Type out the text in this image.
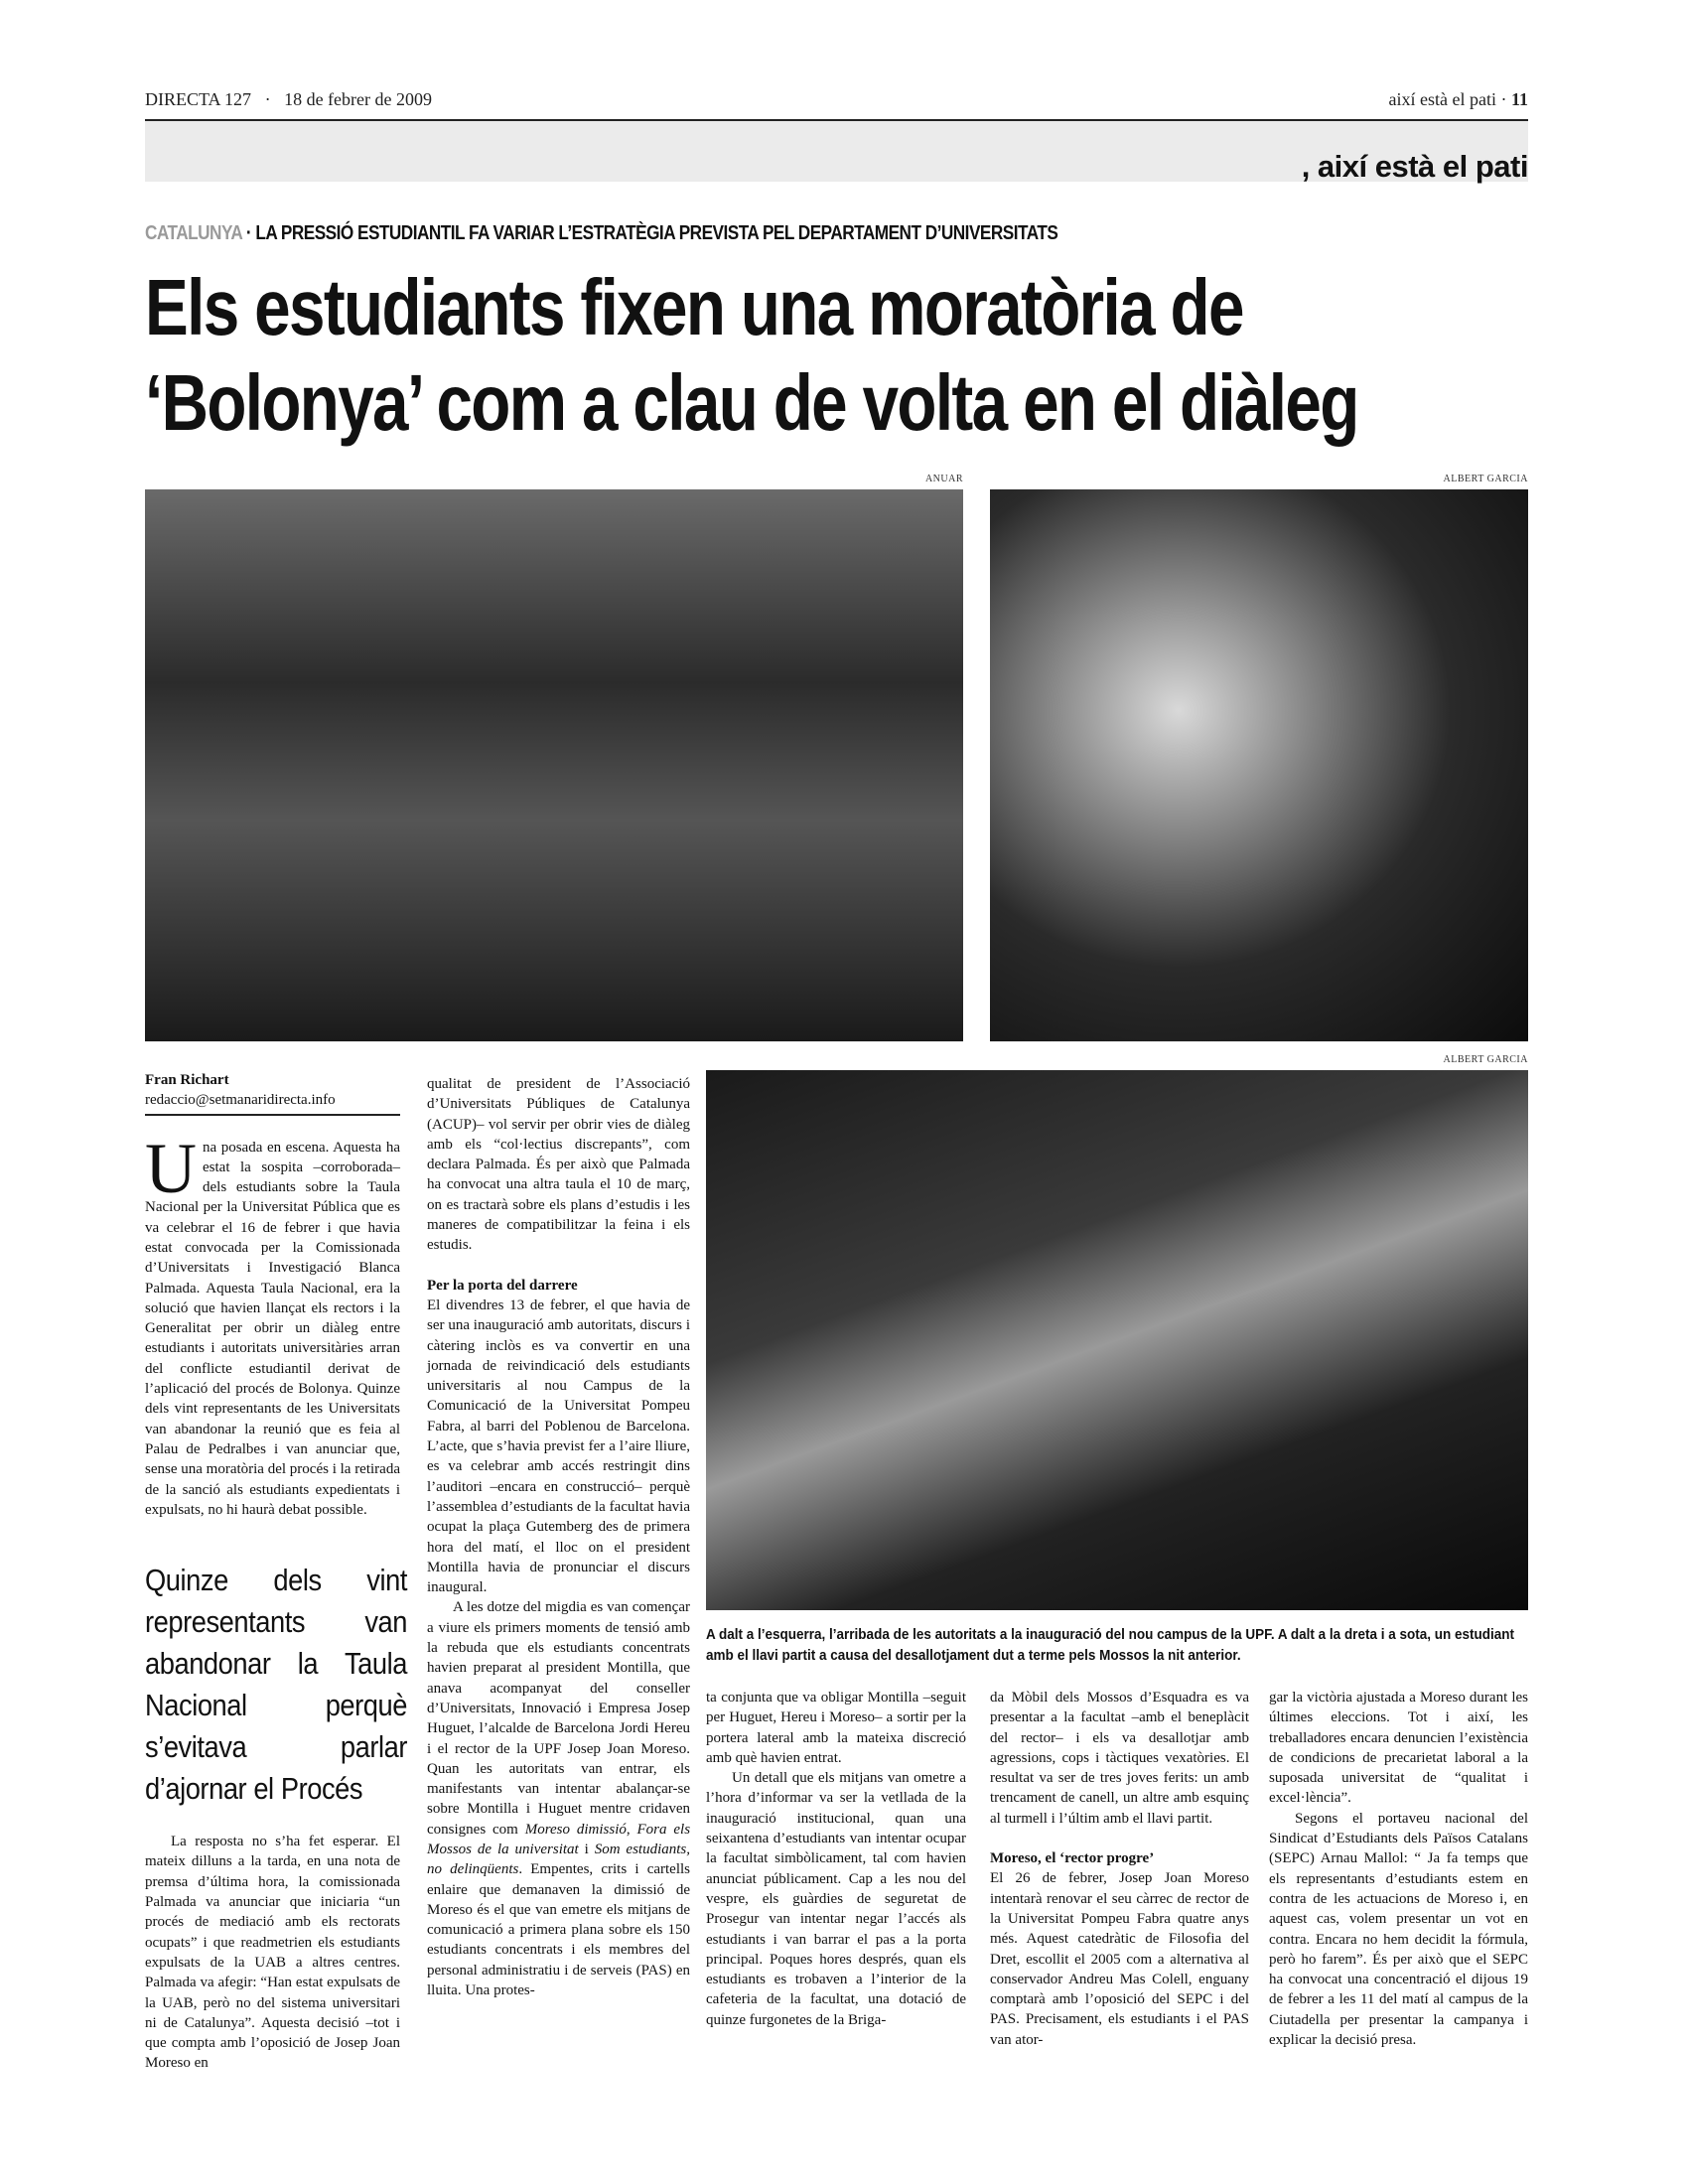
DIRECTA 127 · 18 de febrer de 2009	així està el pati · 11
, així està el pati
CATALUNYA · LA PRESSIÓ ESTUDIANTIL FA VARIAR L’ESTRATÈGIA PREVISTA PEL DEPARTAMENT D’UNIVERSITATS
Els estudiants fixen una moratòria de
‘Bolonya’ com a clau de volta en el diàleg
ANUAR	ALBERT GARCIA
ALBERT GARCIA
A dalt a l’esquerra, l’arribada de les autoritats a la inauguració del nou campus de la UPF. A dalt a la dreta i a sota, un estudiant amb el llavi partit a causa del desallotjament dut a terme pels Mossos la nit anterior.
Fran Richart
redaccio@setmanaridirecta.info

Una posada en escena. Aquesta ha estat la sospita –corroborada– dels estudiants sobre la Taula Nacional per la Universitat Pública que es va celebrar el 16 de febrer i que havia estat convocada per la Comissionada d’Universitats i Investigació Blanca Palmada. Aquesta Taula Nacional, era la solució que havien llançat els rectors i la Generalitat per obrir un diàleg entre estudiants i autoritats universitàries arran del conflicte estudiantil derivat de l’aplicació del procés de Bolonya. Quinze dels vint representants de les Universitats van abandonar la reunió que es feia al Palau de Pedralbes i van anunciar que, sense una moratòria del procés i la retirada de la sanció als estudiants expedientats i expulsats, no hi haurà debat possible.

Quinze dels vint representants van abandonar la Taula Nacional perquè s’evitava parlar d’ajornar el Procés

La resposta no s’ha fet esperar. El mateix dilluns a la tarda, en una nota de premsa d’última hora, la comissionada Palmada va anunciar que iniciaria “un procés de mediació amb els rectorats ocupats” i que readmetrien els estudiants expulsats de la UAB a altres centres. Palmada va afegir: “Han estat expulsats de la UAB, però no del sistema universitari ni de Catalunya”. Aquesta decisió –tot i que compta amb l’oposició de Josep Joan Moreso en

qualitat de president de l’Associació d’Universitats Públiques de Catalunya (ACUP)– vol servir per obrir vies de diàleg amb els “col·lectius discrepants”, com declara Palmada. És per això que Palmada ha convocat una altra taula el 10 de març, on es tractarà sobre els plans d’estudis i les maneres de compatibilitzar la feina i els estudis.

Per la porta del darrere

El divendres 13 de febrer, el que havia de ser una inauguració amb autoritats, discurs i càtering inclòs es va convertir en una jornada de reivindicació dels estudiants universitaris al nou Campus de la Comunicació de la Universitat Pompeu Fabra, al barri del Poblenou de Barcelona. L’acte, que s’havia previst fer a l’aire lliure, es va celebrar amb accés restringit dins l’auditori –encara en construcció– perquè l’assemblea d’estudiants de la facultat havia ocupat la plaça Gutemberg des de primera hora del matí, el lloc on el president Montilla havia de pronunciar el discurs inaugural.

A les dotze del migdia es van començar a viure els primers moments de tensió amb la rebuda que els estudiants concentrats havien preparat al president Montilla, que anava acompanyat del conseller d’Universitats, Innovació i Empresa Josep Huguet, l’alcalde de Barcelona Jordi Hereu i el rector de la UPF Josep Joan Moreso. Quan les autoritats van entrar, els manifestants van intentar abalançar-se sobre Montilla i Huguet mentre cridaven consignes com Moreso dimissió, Fora els Mossos de la universitat i Som estudiants, no delinqüents. Empentes, crits i cartells enlaire que demanaven la dimissió de Moreso és el que van emetre els mitjans de comunicació a primera plana sobre els 150 estudiants concentrats i els membres del personal administratiu i de serveis (PAS) en lluita. Una protes-

ta conjunta que va obligar Montilla –seguit per Huguet, Hereu i Moreso– a sortir per la portera lateral amb la mateixa discreció amb què havien entrat.

Un detall que els mitjans van ometre a l’hora d’informar va ser la vetllada de la inauguració institucional, quan una seixantena d’estudiants van intentar ocupar la facultat simbòlicament, tal com havien anunciat públicament. Cap a les nou del vespre, els guàrdies de seguretat de Prosegur van intentar negar l’accés als estudiants i van barrar el pas a la porta principal. Poques hores després, quan els estudiants es trobaven a l’interior de la cafeteria de la facultat, una dotació de quinze furgonetes de la Briga-

da Mòbil dels Mossos d’Esquadra es va presentar a la facultat –amb el beneplàcit del rector– i els va desallotjar amb agressions, cops i tàctiques vexatòries. El resultat va ser de tres joves ferits: un amb trencament de canell, un altre amb esquinç al turmell i l’últim amb el llavi partit.

Moreso, el ‘rector progre’

El 26 de febrer, Josep Joan Moreso intentarà renovar el seu càrrec de rector de la Universitat Pompeu Fabra quatre anys més. Aquest catedràtic de Filosofia del Dret, escollit el 2005 com a alternativa al conservador Andreu Mas Colell, enguany comptarà amb l’oposició del SEPC i del PAS. Precisament, els estudiants i el PAS van ator-

gar la victòria ajustada a Moreso durant les últimes eleccions. Tot i així, les treballadores encara denuncien l’existència de condicions de precarietat laboral a la suposada universitat de “qualitat i excel·lència”.

Segons el portaveu nacional del Sindicat d’Estudiants dels Països Catalans (SEPC) Arnau Mallol: “ Ja fa temps que els representants d’estudiants estem en contra de les actuacions de Moreso i, en aquest cas, volem presentar un vot en contra. Encara no hem decidit la fórmula, però ho farem”. És per això que el SEPC ha convocat una concentració el dijous 19 de febrer a les 11 del matí al campus de la Ciutadella per presentar la campanya i explicar la decisió presa.
